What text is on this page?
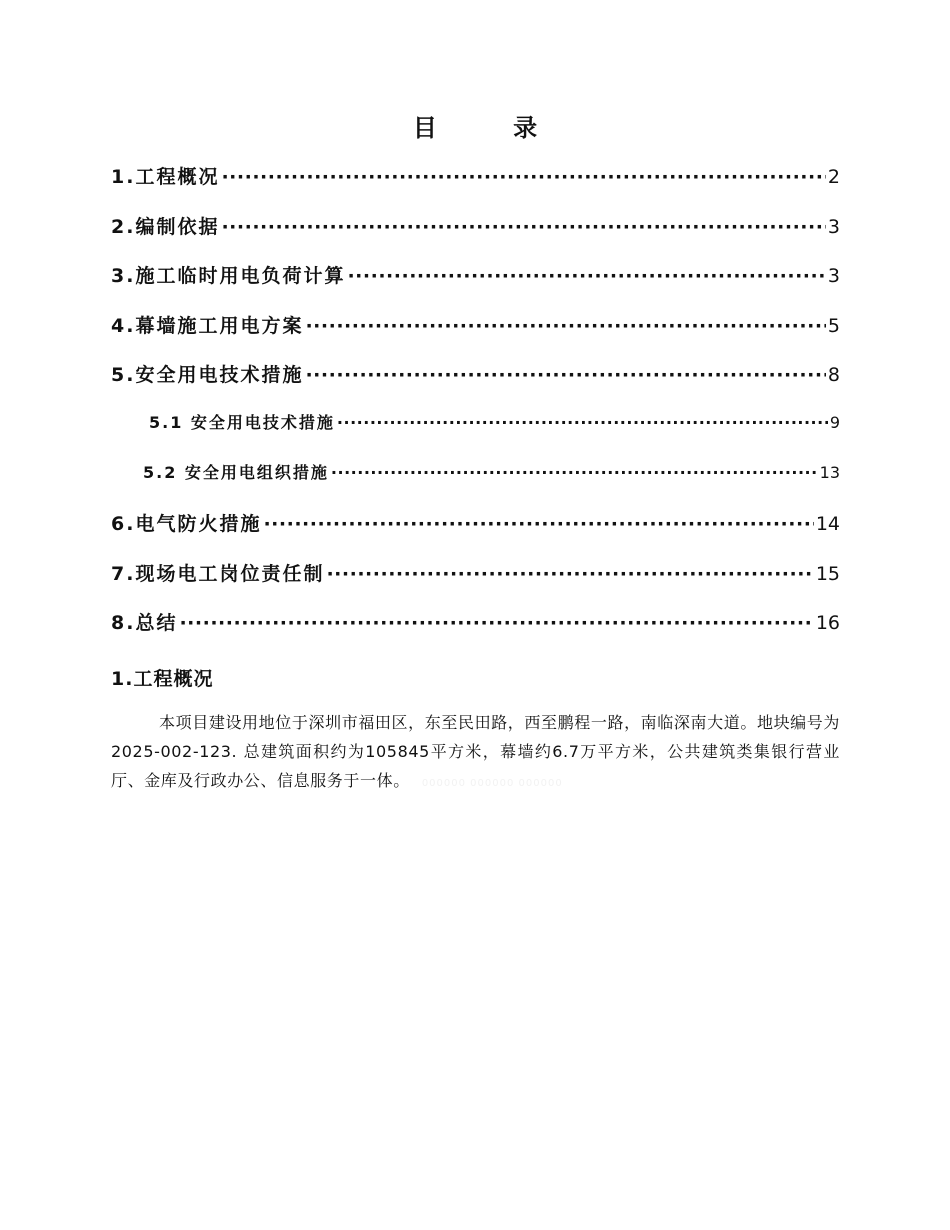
目 录
1.工程概况 ·····	2
2.编制依据 ·····	3
3.施工临时用电负荷计算 ·····	3
4.幕墙施工用电方案 ·····	5
5.安全用电技术措施 ·····	8
5.1 安全用电技术措施 ·····	9
5.2 安全用电组织措施 ·····	13
6.电气防火措施 ·····	14
7.现场电工岗位责任制 ·····	15
8.总结 ·····	16
1.工程概况
本项目建设用地位于深圳市福田区，东至民田路，西至鹏程一路，南临深南大道。地块编号为2025-002-123. 总建筑面积约为105845平方米，幕墙约6.7万平方米，公共建筑类集银行营业厅、金库及行政办公、信息服务于一体。 000000 000000 000000
